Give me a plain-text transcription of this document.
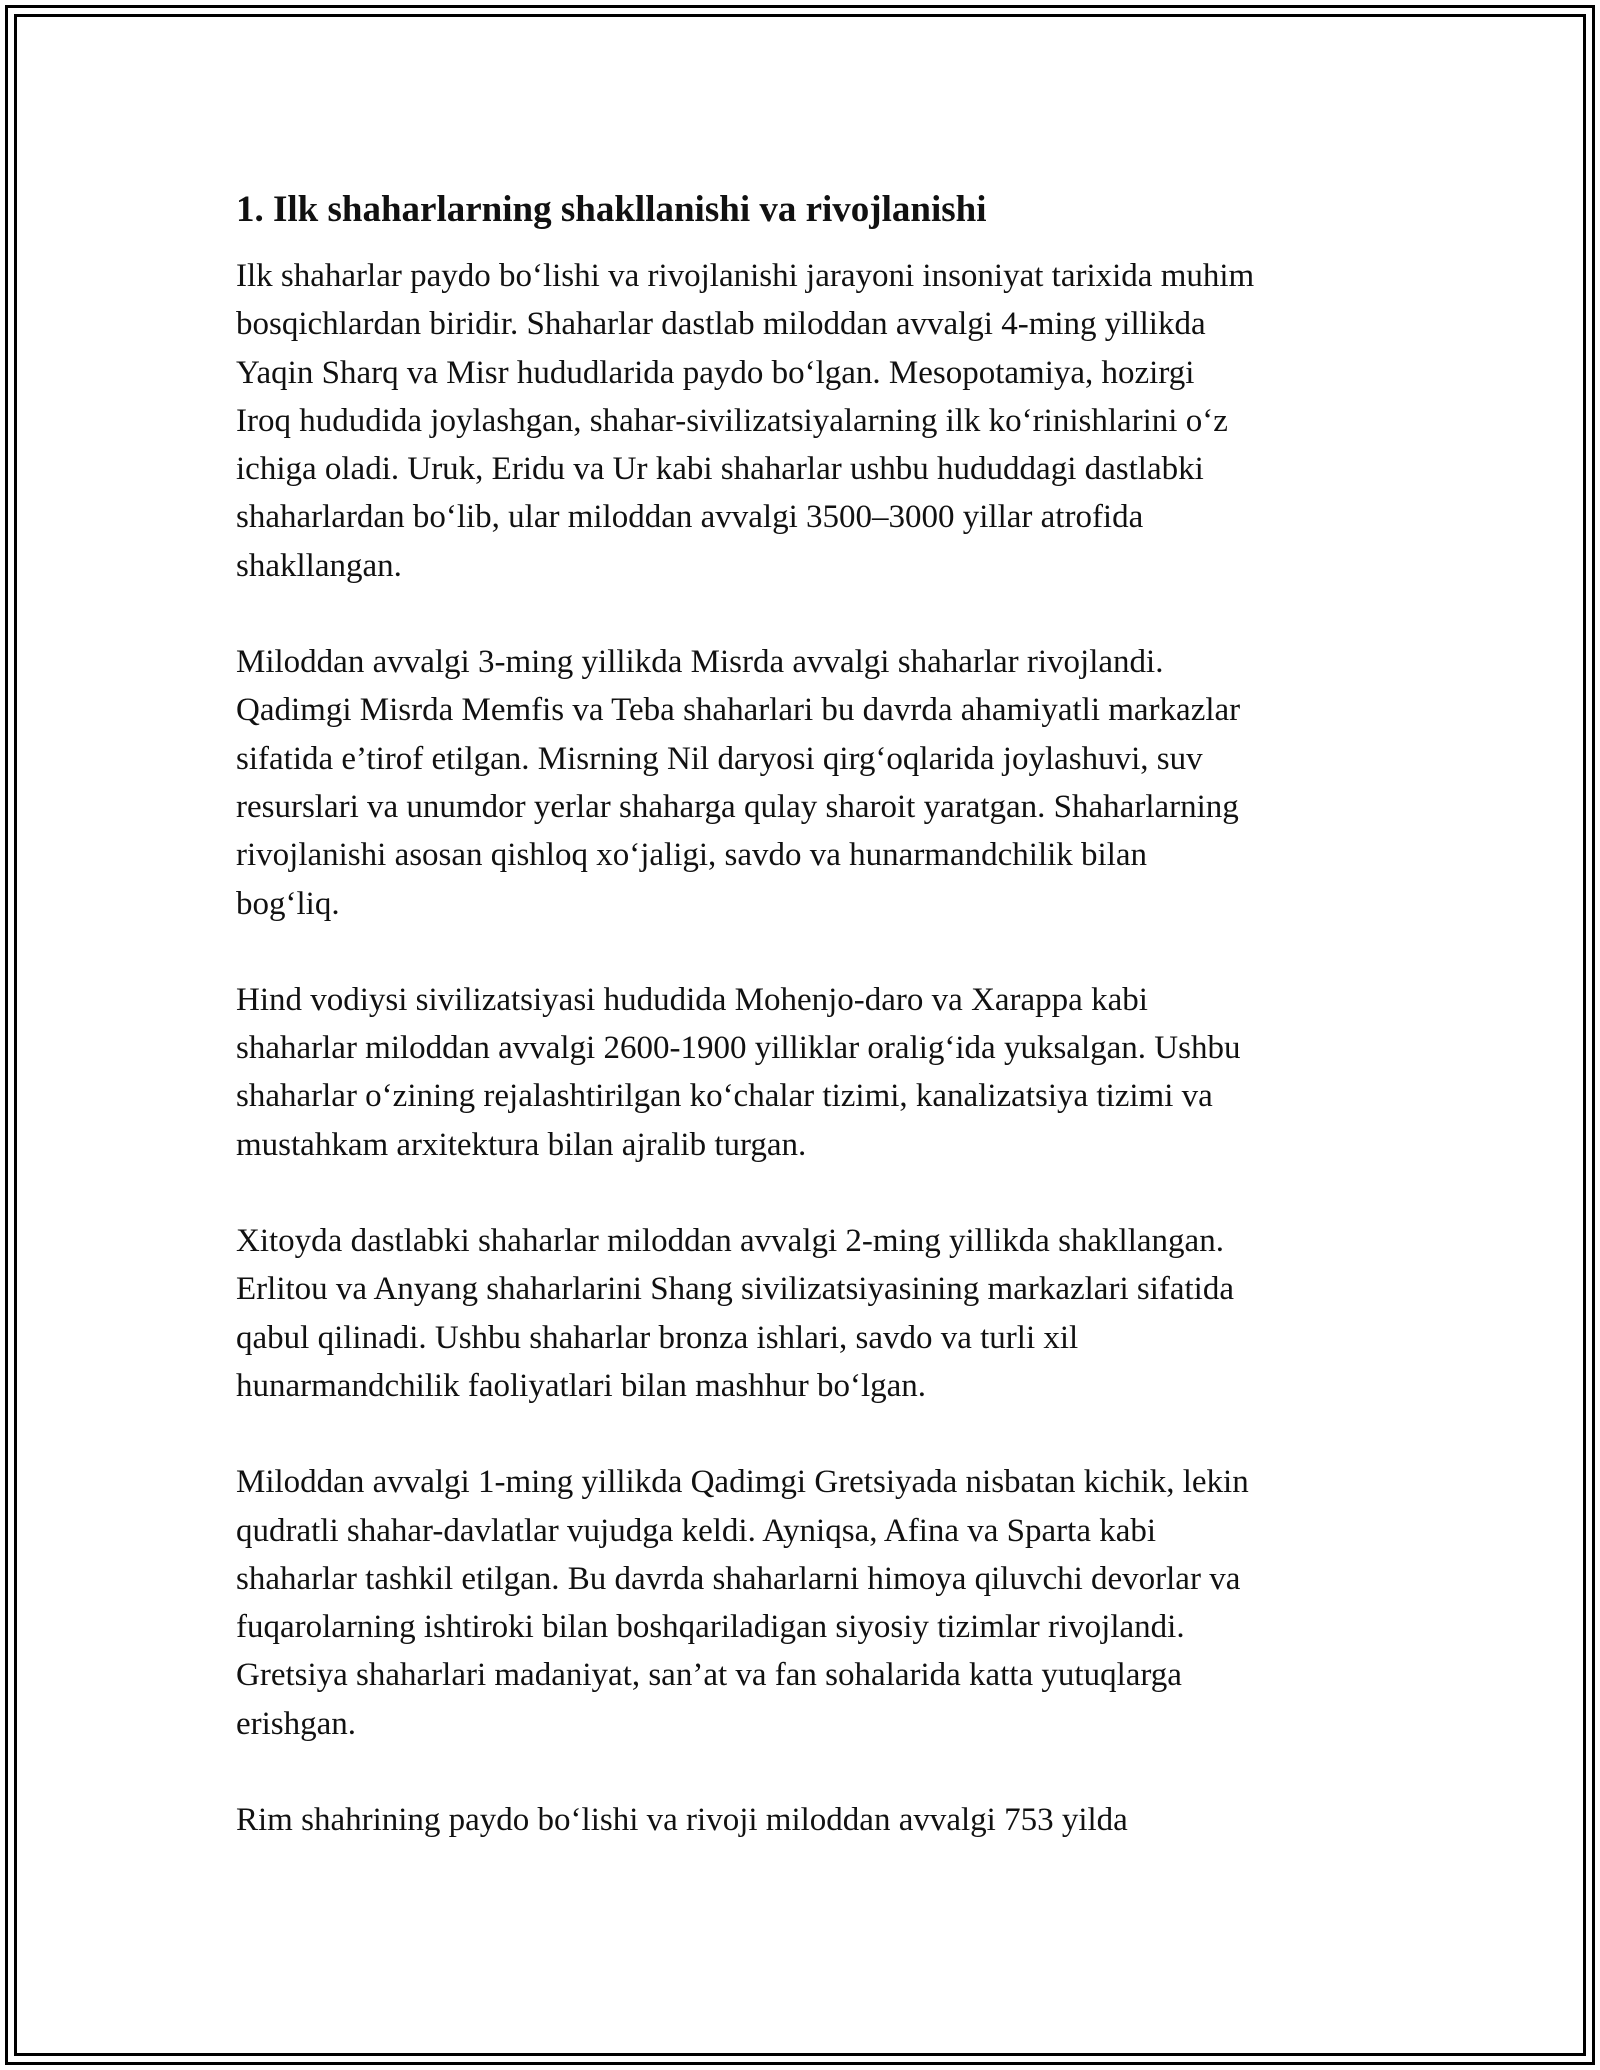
1. Ilk shaharlarning shakllanishi va rivojlanishi

Ilk shaharlar paydo bo‘lishi va rivojlanishi jarayoni insoniyat tarixida muhim
bosqichlardan biridir. Shaharlar dastlab miloddan avvalgi 4-ming yillikda
Yaqin Sharq va Misr hududlarida paydo bo‘lgan. Mesopotamiya, hozirgi
Iroq hududida joylashgan, shahar-sivilizatsiyalarning ilk ko‘rinishlarini o‘z
ichiga oladi. Uruk, Eridu va Ur kabi shaharlar ushbu hududdagi dastlabki
shaharlardan bo‘lib, ular miloddan avvalgi 3500–3000 yillar atrofida
shakllangan.

Miloddan avvalgi 3-ming yillikda Misrda avvalgi shaharlar rivojlandi.
Qadimgi Misrda Memfis va Teba shaharlari bu davrda ahamiyatli markazlar
sifatida e’tirof etilgan. Misrning Nil daryosi qirg‘oqlarida joylashuvi, suv
resurslari va unumdor yerlar shaharga qulay sharoit yaratgan. Shaharlarning
rivojlanishi asosan qishloq xo‘jaligi, savdo va hunarmandchilik bilan
bog‘liq.

Hind vodiysi sivilizatsiyasi hududida Mohenjo-daro va Xarappa kabi
shaharlar miloddan avvalgi 2600-1900 yilliklar oralig‘ida yuksalgan. Ushbu
shaharlar o‘zining rejalashtirilgan ko‘chalar tizimi, kanalizatsiya tizimi va
mustahkam arxitektura bilan ajralib turgan.

Xitoyda dastlabki shaharlar miloddan avvalgi 2-ming yillikda shakllangan.
Erlitou va Anyang shaharlarini Shang sivilizatsiyasining markazlari sifatida
qabul qilinadi. Ushbu shaharlar bronza ishlari, savdo va turli xil
hunarmandchilik faoliyatlari bilan mashhur bo‘lgan.

Miloddan avvalgi 1-ming yillikda Qadimgi Gretsiyada nisbatan kichik, lekin
qudratli shahar-davlatlar vujudga keldi. Ayniqsa, Afina va Sparta kabi
shaharlar tashkil etilgan. Bu davrda shaharlarni himoya qiluvchi devorlar va
fuqarolarning ishtiroki bilan boshqariladigan siyosiy tizimlar rivojlandi.
Gretsiya shaharlari madaniyat, san’at va fan sohalarida katta yutuqlarga
erishgan.

Rim shahrining paydo bo‘lishi va rivoji miloddan avvalgi 753 yilda
